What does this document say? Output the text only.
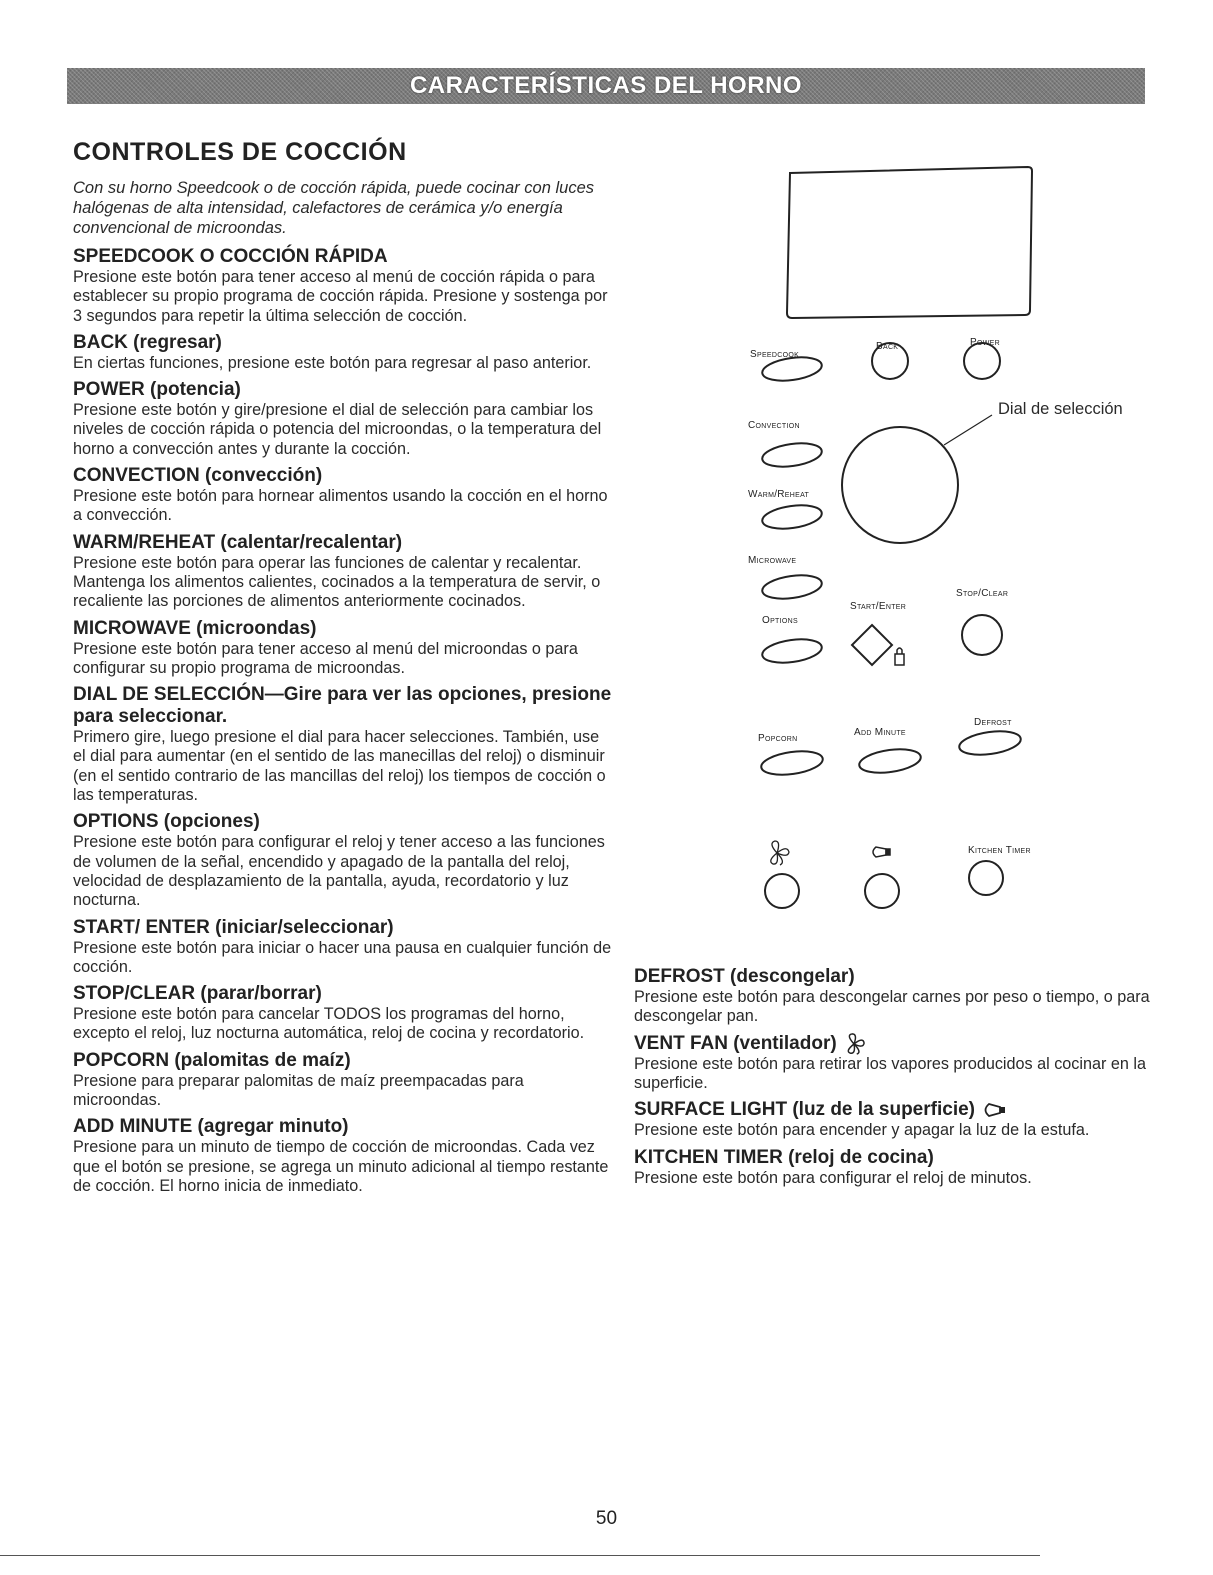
CARACTERÍSTICAS DEL HORNO
CONTROLES DE COCCIÓN

Con su horno Speedcook o de cocción rápida, puede cocinar con luces halógenas de alta intensidad, calefactores de cerámica y/o energía convencional de microondas.

SPEEDCOOK O COCCIÓN RÁPIDA

Presione este botón para tener acceso al menú de cocción rápida o para establecer su propio programa de cocción rápida. Presione y sostenga por 3 segundos para repetir la última selección de cocción.

BACK (regresar)

En ciertas funciones, presione este botón para regresar al paso anterior.

POWER (potencia)

Presione este botón y gire/presione el dial de selección para cambiar los niveles de cocción rápida o potencia del microondas, o la temperatura del horno a convección antes y durante la cocción.

CONVECTION (convección)

Presione este botón para hornear alimentos usando la cocción en el horno a convección.

WARM/REHEAT (calentar/recalentar)

Presione este botón para operar las funciones de calentar y recalentar. Mantenga los alimentos calientes, cocinados a la temperatura de servir, o recaliente las porciones de alimentos anteriormente cocinados.

MICROWAVE (microondas)

Presione este botón para tener acceso al menú del microondas o para configurar su propio programa de microondas.

DIAL DE SELECCIÓN—Gire para ver las opciones, presione para seleccionar.

Primero gire, luego presione el dial para hacer selecciones. También, use el dial para aumentar (en el sentido de las manecillas del reloj) o disminuir (en el sentido contrario de las mancillas del reloj) los tiempos de cocción o las temperaturas.

OPTIONS (opciones)

Presione este botón para configurar el reloj y tener acceso a las funciones de volumen de la señal, encendido y apagado de la pantalla del reloj, velocidad de desplazamiento de la pantalla, ayuda, recordatorio y luz nocturna.

START/ ENTER (iniciar/seleccionar)

Presione este botón para iniciar o hacer una pausa en cualquier función de cocción.

STOP/CLEAR (parar/borrar)

Presione este botón para cancelar TODOS los programas del horno, excepto el reloj, luz nocturna automática, reloj de cocina y recordatorio.

POPCORN (palomitas de maíz)

Presione para preparar palomitas de maíz preempacadas para microondas.

ADD MINUTE (agregar minuto)

Presione para un minuto de tiempo de cocción de microondas. Cada vez que el botón se presione, se agrega un minuto adicional al tiempo restante de cocción. El horno inicia de inmediato.

DEFROST (descongelar)

Presione este botón para descongelar carnes por peso o tiempo, o para descongelar pan.

VENT FAN (ventilador)

Presione este botón para retirar los vapores producidos al cocinar en la superficie.

SURFACE LIGHT (luz de la superficie)

Presione este botón para encender y apagar la luz de la estufa.

KITCHEN TIMER (reloj de cocina)

Presione este botón para configurar el reloj de minutos.

Speedcook
Back	Power
Dial de selección
Convection
Warm/Reheat
Microwave
Start/Enter
Stop/Clear
Options
Popcorn
Add Minute
Defrost
Kitchen Timer
50
